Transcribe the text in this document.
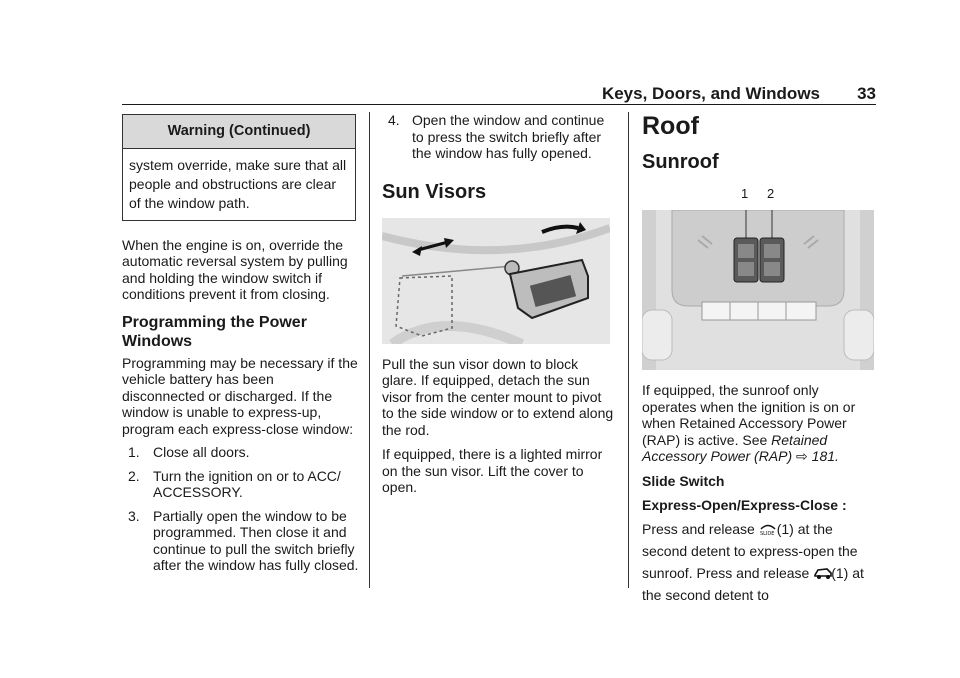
Keys, Doors, and Windows 33
Warning (Continued)
system override, make sure that all people and obstructions are clear of the window path.

When the engine is on, override the automatic reversal system by pulling and holding the window switch if conditions prevent it from closing.

Programming the Power Windows

Programming may be necessary if the vehicle battery has been disconnected or discharged. If the window is unable to express-up, program each express-close window:

1. Close all doors.
2. Turn the ignition on or to ACC/ ACCESSORY.
3. Partially open the window to be programmed. Then close it and continue to pull the switch briefly after the window has fully closed.
4. Open the window and continue to press the switch briefly after the window has fully opened.
Sun Visors

Pull the sun visor down to block glare. If equipped, detach the sun visor from the center mount to pivot to the side window or to extend along the rod.

If equipped, there is a lighted mirror on the sun visor. Lift the cover to open.

Roof
Sunroof
1 2

If equipped, the sunroof only operates when the ignition is on or when Retained Accessory Power (RAP) is active. See Retained Accessory Power (RAP) ⇨ 181.

Slide Switch

Express-Open/Express-Close :

Press and release SLIDE (1) at the second detent to express-open the sunroof. Press and release (1) at the second detent to
